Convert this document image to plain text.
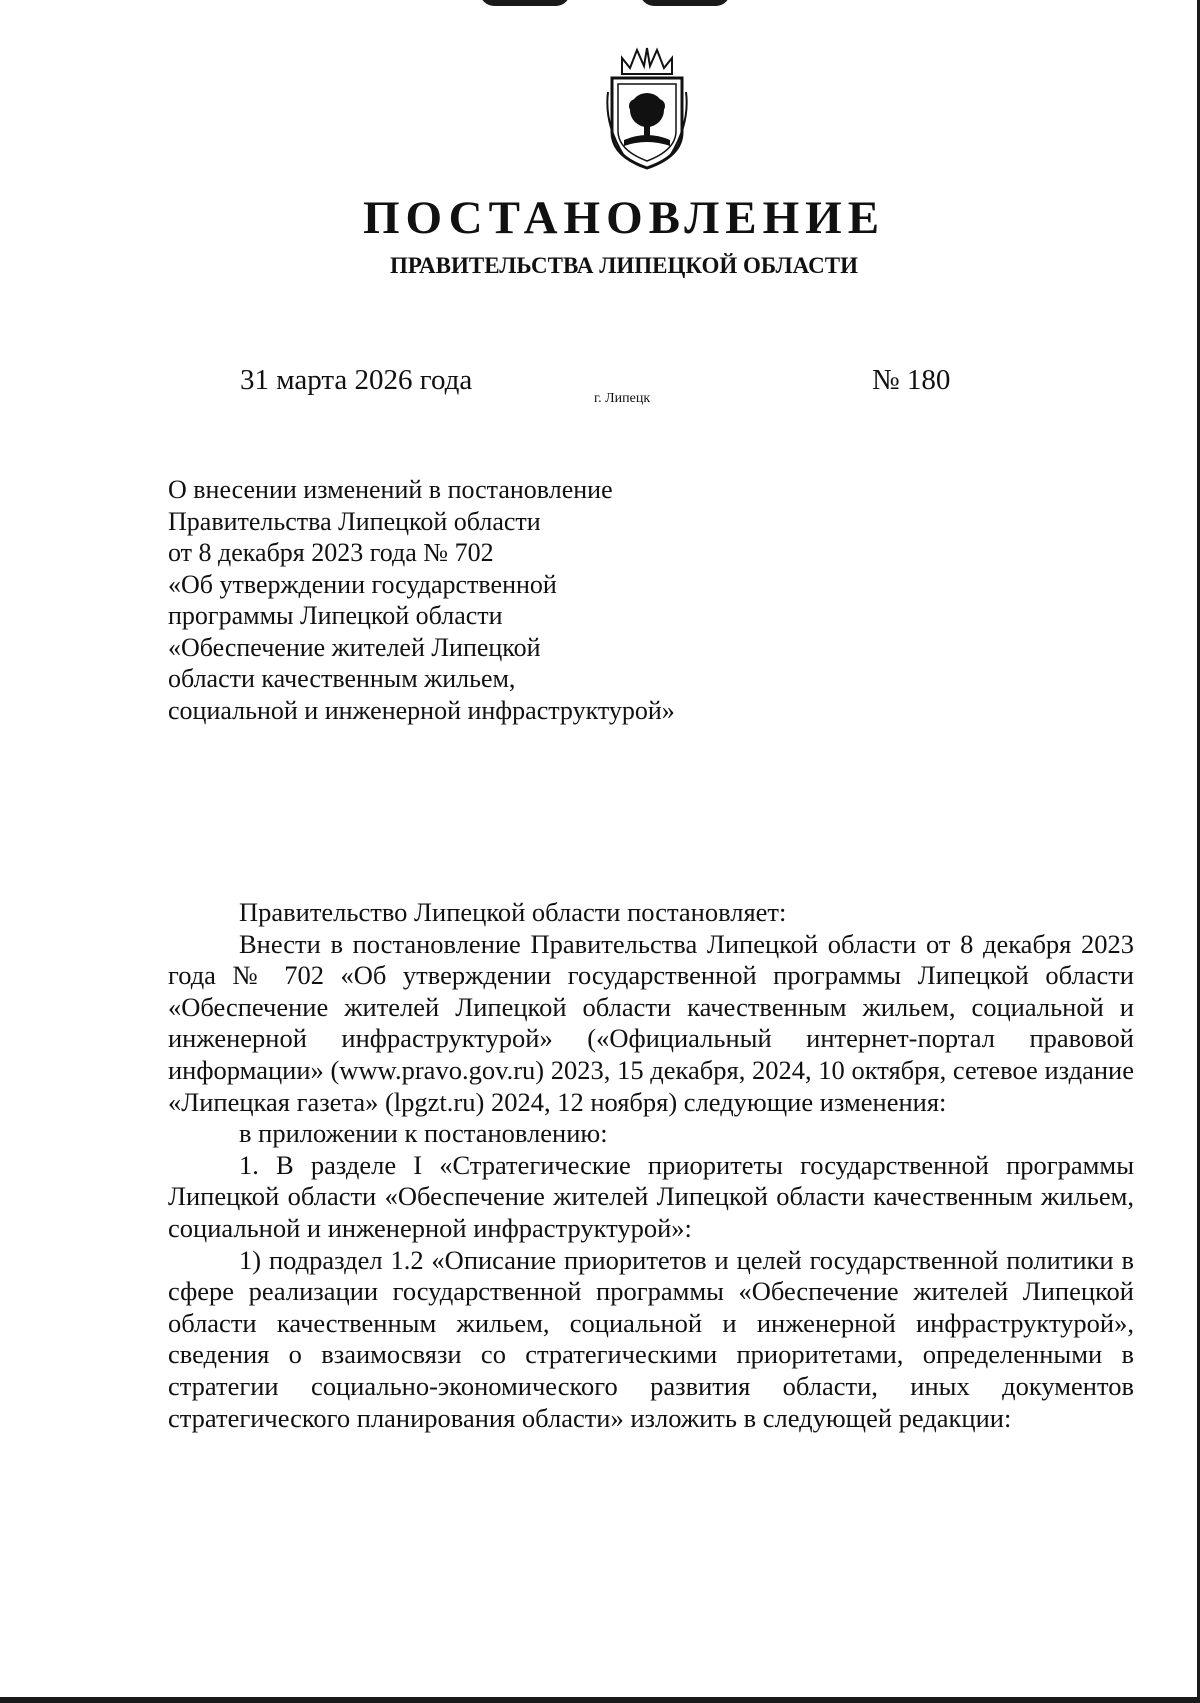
ПОСТАНОВЛЕНИЕ
ПРАВИТЕЛЬСТВА ЛИПЕЦКОЙ ОБЛАСТИ
31 марта 2026 года
г. Липецк
№ 180
О внесении изменений в постановление
Правительства Липецкой области
от 8 декабря 2023 года № 702
«Об утверждении государственной
программы Липецкой области
«Обеспечение жителей Липецкой
области качественным жильем,
социальной и инженерной инфраструктурой»

Правительство Липецкой области постановляет:

Внести в постановление Правительства Липецкой области от 8 декабря 2023 года № 702 «Об утверждении государственной программы Липецкой области «Обеспечение жителей Липецкой области качественным жильем, социальной и инженерной инфраструктурой» («Официальный интернет-портал правовой информации» (www.pravo.gov.ru) 2023, 15 декабря, 2024, 10 октября, сетевое издание «Липецкая газета» (lpgzt.ru) 2024, 12 ноября) следующие изменения:

в приложении к постановлению:

1. В разделе I «Стратегические приоритеты государственной программы Липецкой области «Обеспечение жителей Липецкой области качественным жильем, социальной и инженерной инфраструктурой»:

1) подраздел 1.2 «Описание приоритетов и целей государственной политики в сфере реализации государственной программы «Обеспечение жителей Липецкой области качественным жильем, социальной и инженерной инфраструктурой», сведения о взаимосвязи со стратегическими приоритетами, определенными в стратегии социально-экономического развития области, иных документов стратегического планирования области» изложить в следующей редакции:
